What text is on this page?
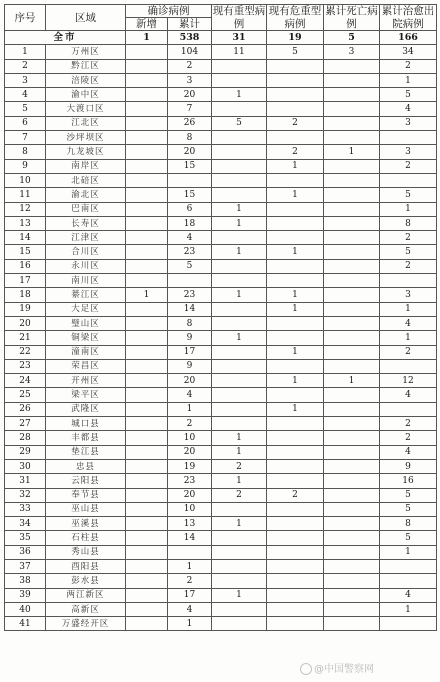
序号	区域	确诊病例		现有重型病例	现有危重型病例	累计死亡病例	累计治愈出院病例
		新增	累计				
全市		1	538	31	19	5	166
1	万州区		104	11	5	3	34
2	黔江区		2				2
3	涪陵区		3				1
4	渝中区		20	1			5
5	大渡口区		7				4
6	江北区		26	5	2		3
7	沙坪坝区		8				
8	九龙坡区		20		2	1	3
9	南岸区		15		1		2
10	北碚区						
11	渝北区		15		1		5
12	巴南区		6	1			1
13	长寿区		18	1			8
14	江津区		4				2
15	合川区		23	1	1		5
16	永川区		5				2
17	南川区						
18	綦江区	1	23	1	1		3
19	大足区		14		1		1
20	璧山区		8				4
21	铜梁区		9	1			1
22	潼南区		17		1		2
23	荣昌区		9				
24	开州区		20		1	1	12
25	梁平区		4				4
26	武隆区		1		1		
27	城口县		2				2
28	丰都县		10	1			2
29	垫江县		20	1			4
30	忠县		19	2			9
31	云阳县		23	1			16
32	奉节县		20	2	2		5
33	巫山县		10				5
34	巫溪县		13	1			8
35	石柱县		14				5
36	秀山县						1
37	酉阳县		1				
38	彭水县		2				
39	两江新区		17	1			4
40	高新区		4				1
41	万盛经开区		1				
@中国警察网
